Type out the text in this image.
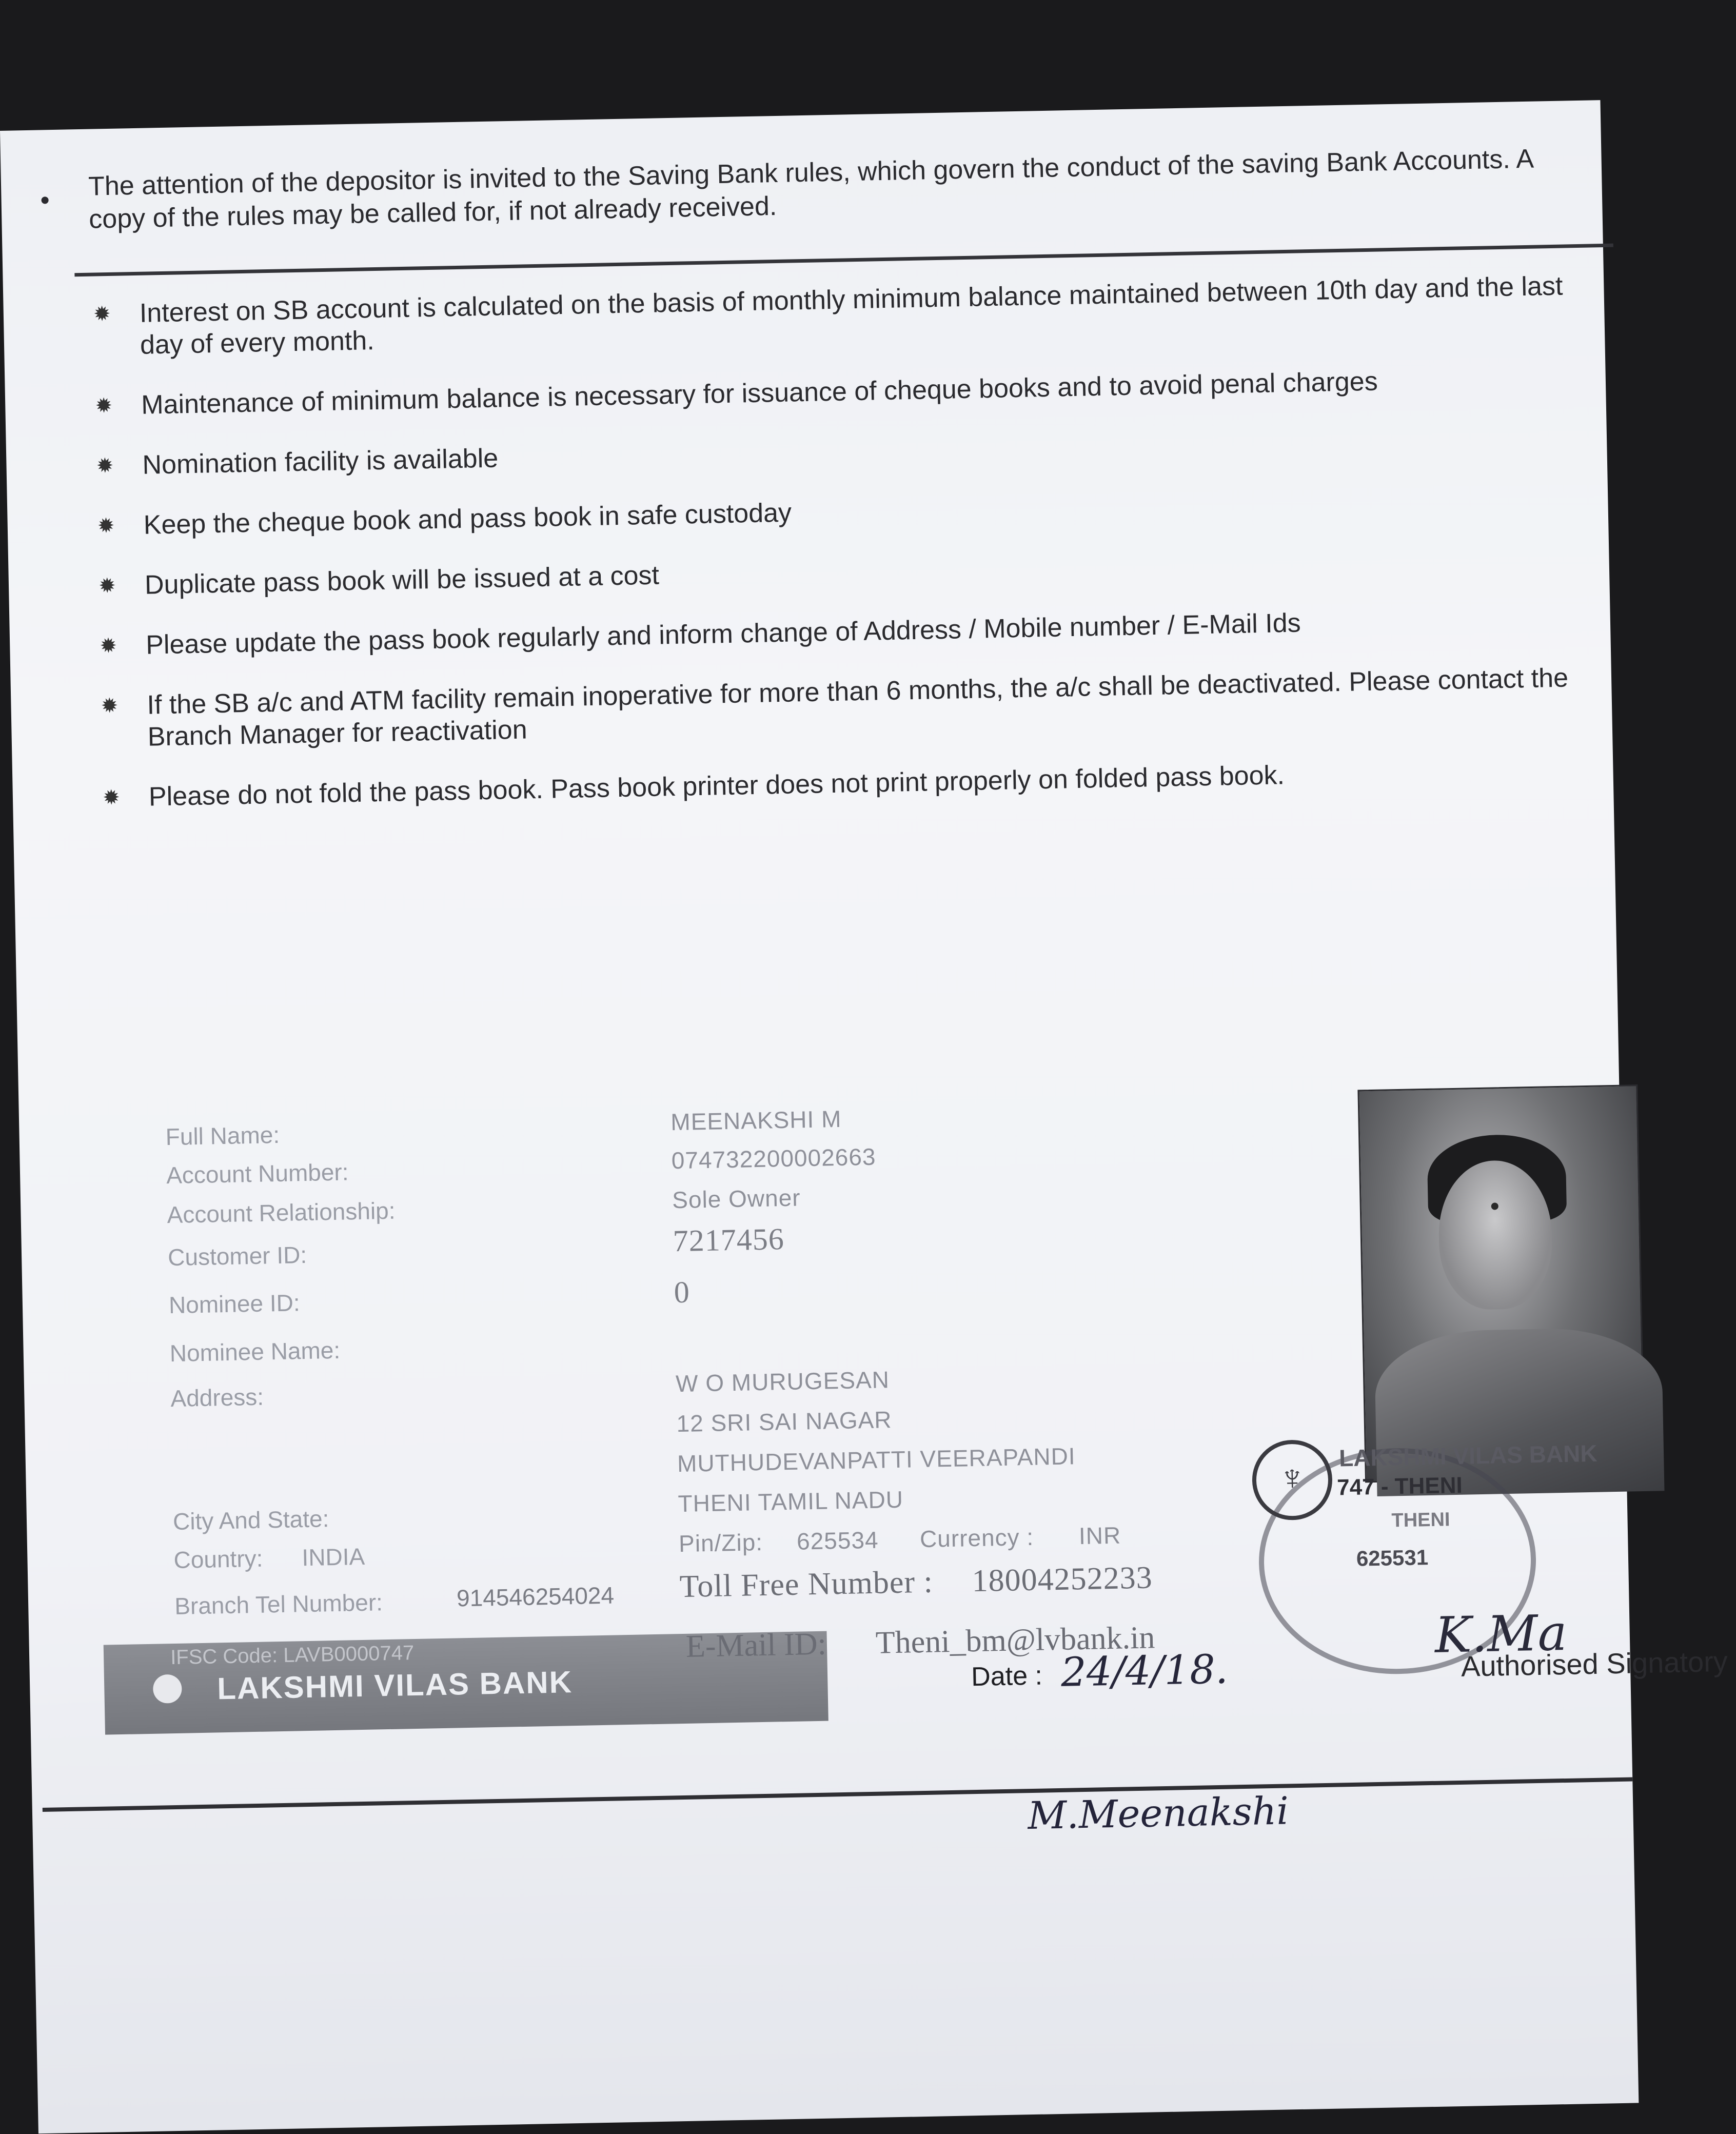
The attention of the depositor is invited to the Saving Bank rules, which govern the conduct of the saving Bank Accounts. A copy of the rules may be called for, if not already received.
✹ Interest on SB account is calculated on the basis of monthly minimum balance maintained between 10th day and the last day of every month.
✹ Maintenance of minimum balance is necessary for issuance of cheque books and to avoid penal charges
✹ Nomination facility is available
✹ Keep the cheque book and pass book in safe custoday
✹ Duplicate pass book will be issued at a cost
✹ Please update the pass book regularly and inform change of Address / Mobile number / E-Mail Ids
✹ If the SB a/c and ATM facility remain inoperative for more than 6 months, the a/c shall be deactivated. Please contact the Branch Manager for reactivation
✹ Please do not fold the pass book. Pass book printer does not print properly on folded pass book.
Full Name:
MEENAKSHI M
Account Number:	074732200002663
Account Relationship:	Sole Owner
Customer ID:	7217456
Nominee ID:	0
Nominee Name:
Address:
W O MURUGESAN
12 SRI SAI NAGAR
MUTHUDEVANPATTI VEERAPANDI
THENI TAMIL NADU
City And State:
Country: INDIA	Pin/Zip: 625534 Currency : INR
Branch Tel Number:	914546254024 Toll Free Number : 18004252233
♆
LAKSHMI VILAS BANK
747 - THENI
THENI
625531
K.Ma
Authorised Signatory
IFSC Code: LAVB0000747
LAKSHMI VILAS BANK
E-Mail ID: Theni_bm@lvbank.in
Date : 24/4/18.
M.Meenakshi
